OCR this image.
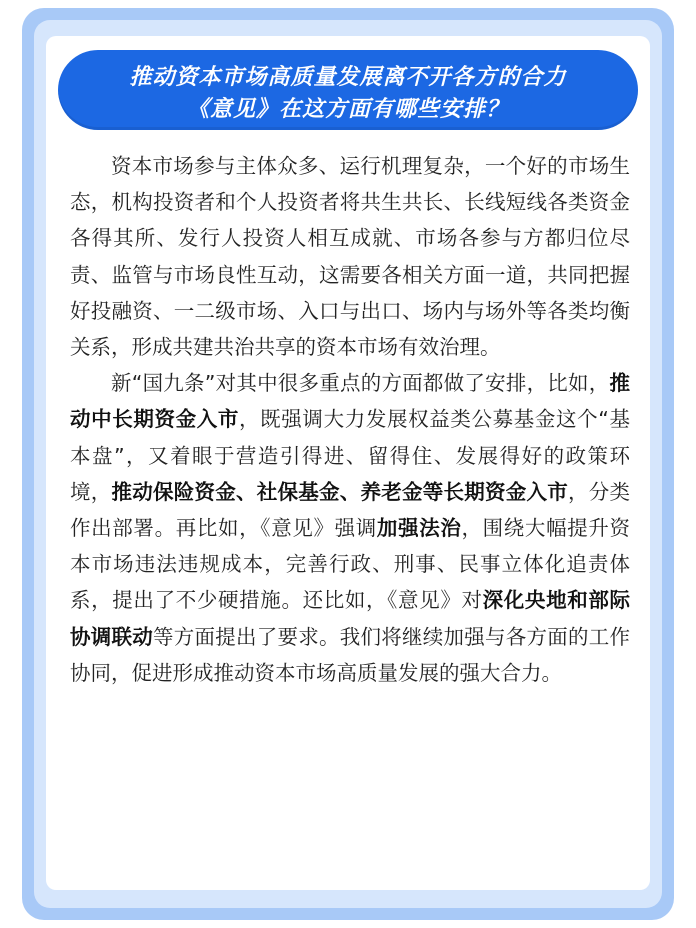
推动资本市场高质量发展离不开各方的合力
《意见》在这方面有哪些安排？

资本市场参与主体众多、运行机理复杂，一个好的市场生态，机构投资者和个人投资者将共生共长、长线短线各类资金各得其所、发行人投资人相互成就、市场各参与方都归位尽责、监管与市场良性互动，这需要各相关方面一道，共同把握好投融资、一二级市场、入口与出口、场内与场外等各类均衡关系，形成共建共治共享的资本市场有效治理。

新“国九条”对其中很多重点的方面都做了安排，比如，推动中长期资金入市，既强调大力发展权益类公募基金这个“基本盘”，又着眼于营造引得进、留得住、发展得好的政策环境，推动保险资金、社保基金、养老金等长期资金入市，分类作出部署。再比如，《意见》强调加强法治，围绕大幅提升资本市场违法违规成本，完善行政、刑事、民事立体化追责体系，提出了不少硬措施。还比如，《意见》对深化央地和部际协调联动等方面提出了要求。我们将继续加强与各方面的工作协同，促进形成推动资本市场高质量发展的强大合力。
